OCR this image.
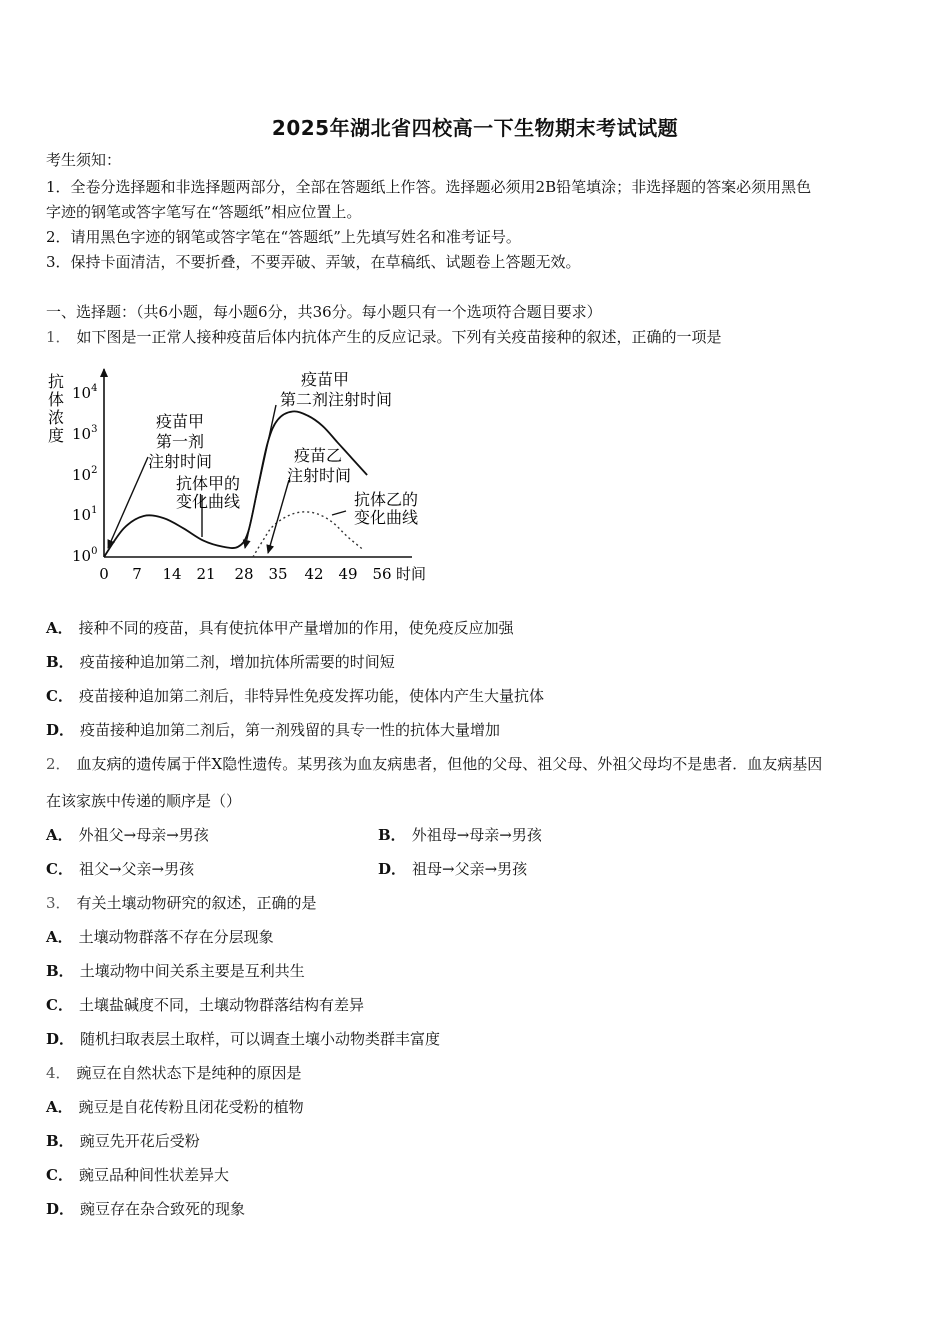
2025年湖北省四校高一下生物期末考试试题
考生须知：
1．全卷分选择题和非选择题两部分，全部在答题纸上作答。选择题必须用2B铅笔填涂；非选择题的答案必须用黑色
字迹的钢笔或答字笔写在“答题纸”相应位置上。
2．请用黑色字迹的钢笔或答字笔在“答题纸”上先填写姓名和准考证号。
3．保持卡面清洁，不要折叠，不要弄破、弄皱，在草稿纸、试题卷上答题无效。
一、选择题：（共6小题，每小题6分，共36分。每小题只有一个选项符合题目要求）
1． 如下图是一正常人接种疫苗后体内抗体产生的反应记录。下列有关疫苗接种的叙述，正确的一项是
抗
体
浓
度
$10^4$
$10^3$
$10^2$
$10^1$
$10^0$
0 7 14 21 28 35 42 49 56 时间
疫苗甲第一剂注射时间
抗体甲的变化曲线
疫苗甲第二剂注射时间
疫苗乙注射时间
抗体乙的变化曲线
A． 接种不同的疫苗，具有使抗体甲产量增加的作用，使免疫反应加强
B． 疫苗接种追加第二剂，增加抗体所需要的时间短
C． 疫苗接种追加第二剂后，非特异性免疫发挥功能，使体内产生大量抗体
D． 疫苗接种追加第二剂后，第一剂残留的具专一性的抗体大量增加
2． 血友病的遗传属于伴X隐性遗传。某男孩为血友病患者，但他的父母、祖父母、外祖父母均不是患者．血友病基因
在该家族中传递的顺序是（）
A． 外祖父→母亲→男孩	B． 外祖母→母亲→男孩
C． 祖父→父亲→男孩	D． 祖母→父亲→男孩
3． 有关土壤动物研究的叙述，正确的是
A． 土壤动物群落不存在分层现象
B． 土壤动物中间关系主要是互利共生
C． 土壤盐碱度不同，土壤动物群落结构有差异
D． 随机扫取表层土取样，可以调查土壤小动物类群丰富度
4． 豌豆在自然状态下是纯种的原因是
A． 豌豆是自花传粉且闭花受粉的植物
B． 豌豆先开花后受粉
C． 豌豆品种间性状差异大
D． 豌豆存在杂合致死的现象
